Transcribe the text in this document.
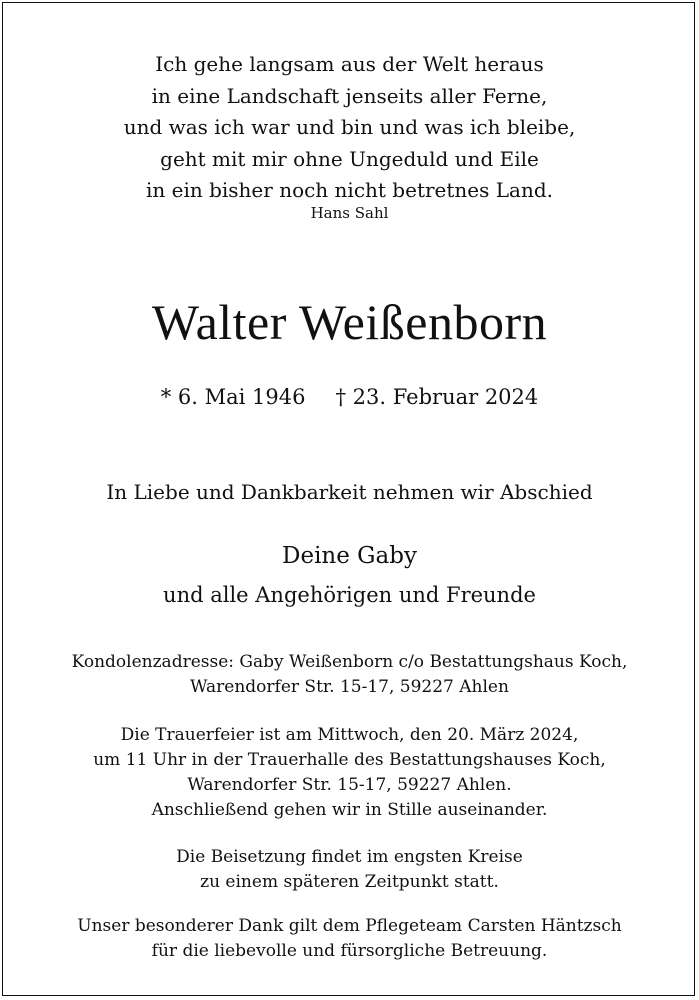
Ich gehe langsam aus der Welt heraus
in eine Landschaft jenseits aller Ferne,
und was ich war und bin und was ich bleibe,
geht mit mir ohne Ungeduld und Eile
in ein bisher noch nicht betretnes Land.
Hans Sahl
Walter Weißenborn
* 6. Mai 1946 † 23. Februar 2024
In Liebe und Dankbarkeit nehmen wir Abschied
Deine Gaby
und alle Angehörigen und Freunde
Kondolenzadresse: Gaby Weißenborn c/o Bestattungshaus Koch,
Warendorfer Str. 15-17, 59227 Ahlen
Die Trauerfeier ist am Mittwoch, den 20. März 2024,
um 11 Uhr in der Trauerhalle des Bestattungshauses Koch,
Warendorfer Str. 15-17, 59227 Ahlen.
Anschließend gehen wir in Stille auseinander.
Die Beisetzung findet im engsten Kreise
zu einem späteren Zeitpunkt statt.
Unser besonderer Dank gilt dem Pflegeteam Carsten Häntzsch
für die liebevolle und fürsorgliche Betreuung.
